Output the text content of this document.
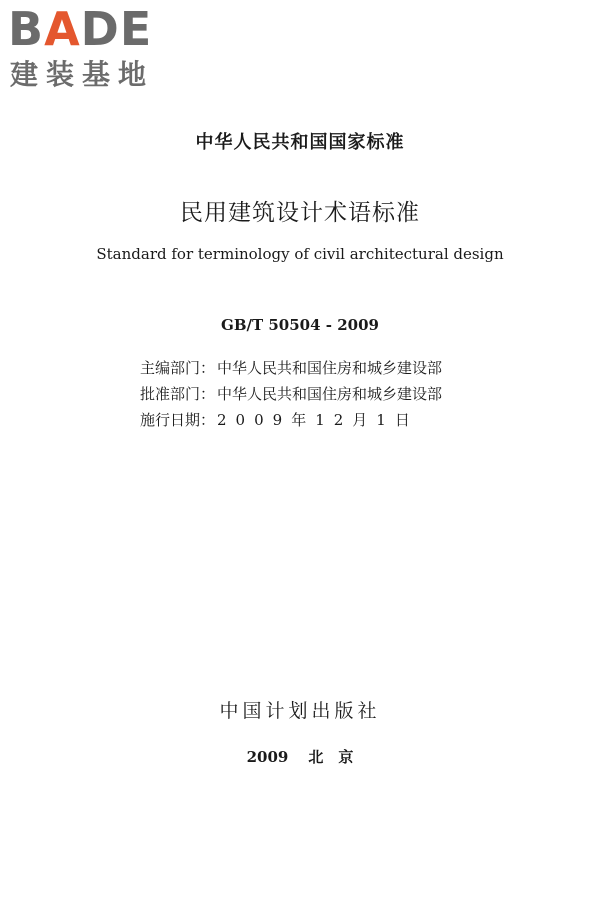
BADE
建装基地
中华人民共和国国家标准
民用建筑设计术语标准
Standard for terminology of civil architectural design
GB/T 50504 - 2009
主编部门： 中华人民共和国住房和城乡建设部
批准部门： 中华人民共和国住房和城乡建设部
施行日期： 2009年12月1日
中国计划出版社
2009 北　京
